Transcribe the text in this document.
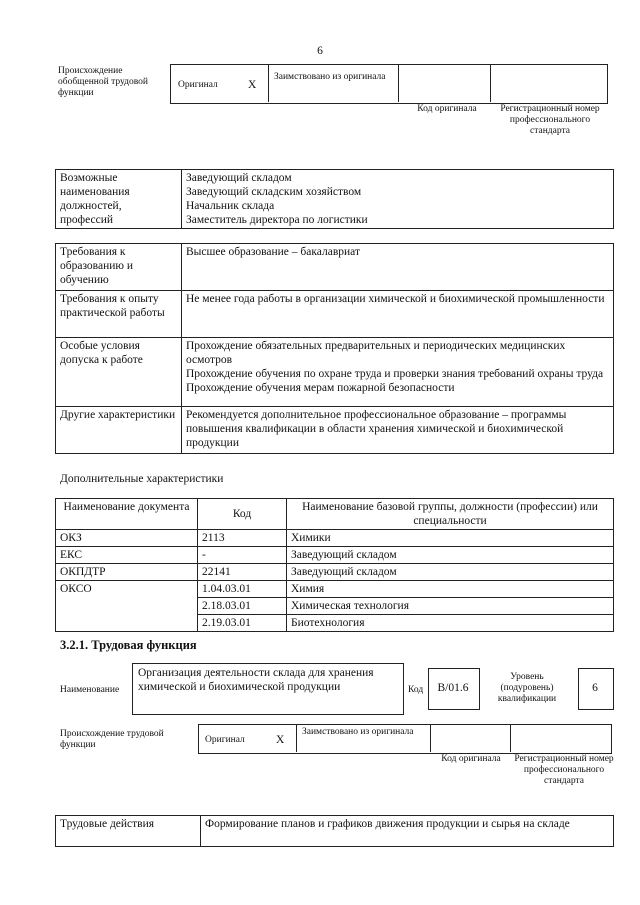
6
Происхождение обобщенной трудовой функции
Оригинал	X
Заимствовано из оригинала
Код оригинала	Регистрационный номер профессионального стандарта
Возможные наименования должностей, профессий	
Заведующий складом
Заведующий складским хозяйством
Начальник склада
Заместитель директора по логистики
Требования к образованию и обучению	Высшее образование – бакалавриат
Требования к опыту практической работы	Не менее года работы в организации химической и биохимической промышленности
Особые условия допуска к работе	Прохождение обязательных предварительных и периодических медицинских осмотров
Прохождение обучения по охране труда и проверки знания требований охраны труда
Прохождение обучения мерам пожарной безопасности
Другие характеристики	Рекомендуется дополнительное профессиональное образование – программы повышения квалификации в области хранения химической и биохимической продукции
Дополнительные характеристики
Наименование документа	Код	Наименование базовой группы, должности (профессии) или специальности
ОКЗ	2113	Химики
ЕКС	-	Заведующий складом
ОКПДТР	22141	Заведующий складом
ОКСО	1.04.03.01	Химия
	2.18.03.01	Химическая технология
	2.19.03.01	Биотехнология
3.2.1. Трудовая функция
Наименование
Организация деятельности склада для хранения химической и биохимической продукции	Код	B/01.6
Уровень (подуровень) квалификации
6
Происхождение трудовой функции	Оригинал	X
Заимствовано из оригинала
Код оригинала	Регистрационный номер профессионального стандарта
Трудовые действия	Формирование планов и графиков движения продукции и сырья на складе
